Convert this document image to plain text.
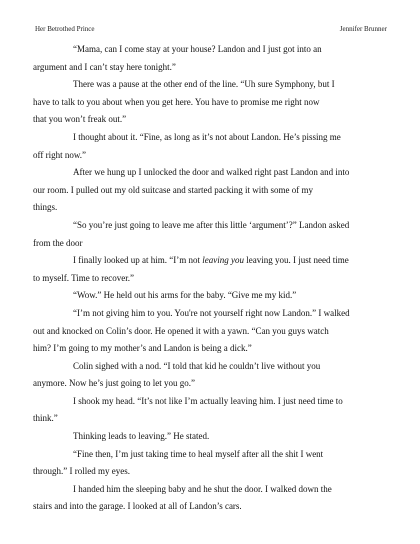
Her Betrothed Prince	Jennifer Brunner

“Mama, can I come stay at your house? Landon and I just got into an
argument and I can’t stay here tonight.”

There was a pause at the other end of the line. “Uh sure Symphony, but I
have to talk to you about when you get here. You have to promise me right now
that you won’t freak out.”

I thought about it. “Fine, as long as it’s not about Landon. He’s pissing me
off right now.”

After we hung up I unlocked the door and walked right past Landon and into
our room. I pulled out my old suitcase and started packing it with some of my
things.

“So you’re just going to leave me after this little ‘argument’?” Landon asked
from the door

I finally looked up at him. “I’m not leaving you leaving you. I just need time
to myself. Time to recover.”

“Wow.” He held out his arms for the baby. “Give me my kid.”

“I’m not giving him to you. You're not yourself right now Landon.” I walked
out and knocked on Colin’s door. He opened it with a yawn. “Can you guys watch
him? I’m going to my mother’s and Landon is being a dick.”

Colin sighed with a nod. “I told that kid he couldn’t live without you
anymore. Now he’s just going to let you go.”

I shook my head. “It’s not like I’m actually leaving him. I just need time to
think.”

Thinking leads to leaving.” He stated.

“Fine then, I’m just taking time to heal myself after all the shit I went
through.” I rolled my eyes.

I handed him the sleeping baby and he shut the door. I walked down the
stairs and into the garage. I looked at all of Landon’s cars.
